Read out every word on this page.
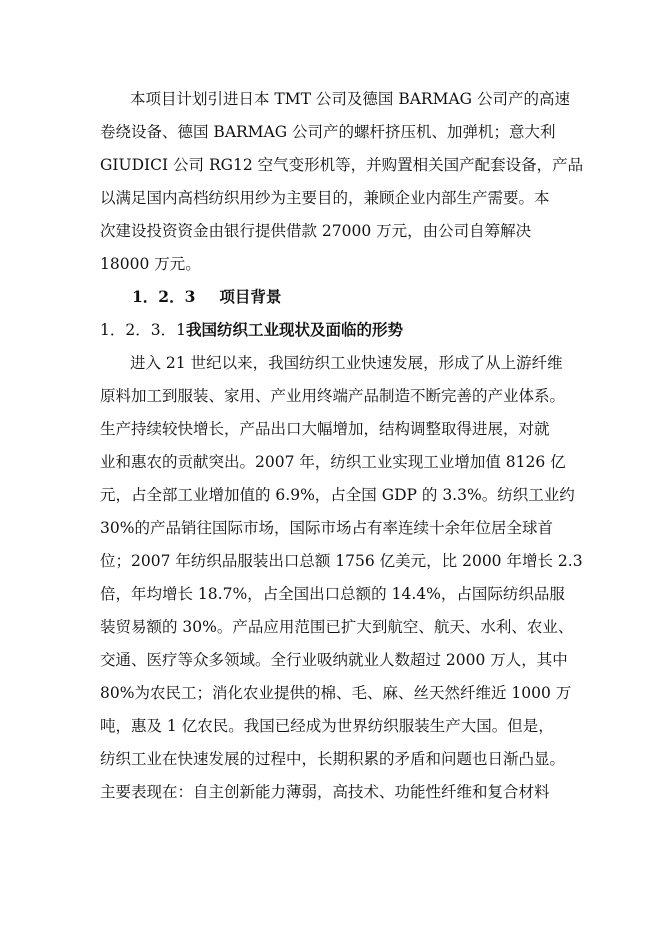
本项目计划引进日本 TMT 公司及德国 BARMAG 公司产的高速
卷绕设备、德国 BARMAG 公司产的螺杆挤压机、加弹机；意大利
GIUDICI 公司 RG12 空气变形机等，并购置相关国产配套设备，产品
以满足国内高档纺织用纱为主要目的，兼顾企业内部生产需要。本
次建设投资资金由银行提供借款 27000 万元，由公司自筹解决
18000 万元。
1．2．3 项目背景
1．2．3．1我国纺织工业现状及面临的形势
进入 21 世纪以来，我国纺织工业快速发展，形成了从上游纤维
原料加工到服装、家用、产业用终端产品制造不断完善的产业体系。
生产持续较快增长，产品出口大幅增加，结构调整取得进展，对就
业和惠农的贡献突出。2007 年，纺织工业实现工业增加值 8126 亿
元，占全部工业增加值的 6.9%，占全国 GDP 的 3.3%。纺织工业约
30%的产品销往国际市场，国际市场占有率连续十余年位居全球首
位；2007 年纺织品服装出口总额 1756 亿美元，比 2000 年增长 2.3
倍，年均增长 18.7%，占全国出口总额的 14.4%，占国际纺织品服
装贸易额的 30%。产品应用范围已扩大到航空、航天、水利、农业、
交通、医疗等众多领域。全行业吸纳就业人数超过 2000 万人，其中
80%为农民工；消化农业提供的棉、毛、麻、丝天然纤维近 1000 万
吨，惠及 1 亿农民。我国已经成为世界纺织服装生产大国。但是，
纺织工业在快速发展的过程中，长期积累的矛盾和问题也日渐凸显。
主要表现在：自主创新能力薄弱，高技术、功能性纤维和复合材料
